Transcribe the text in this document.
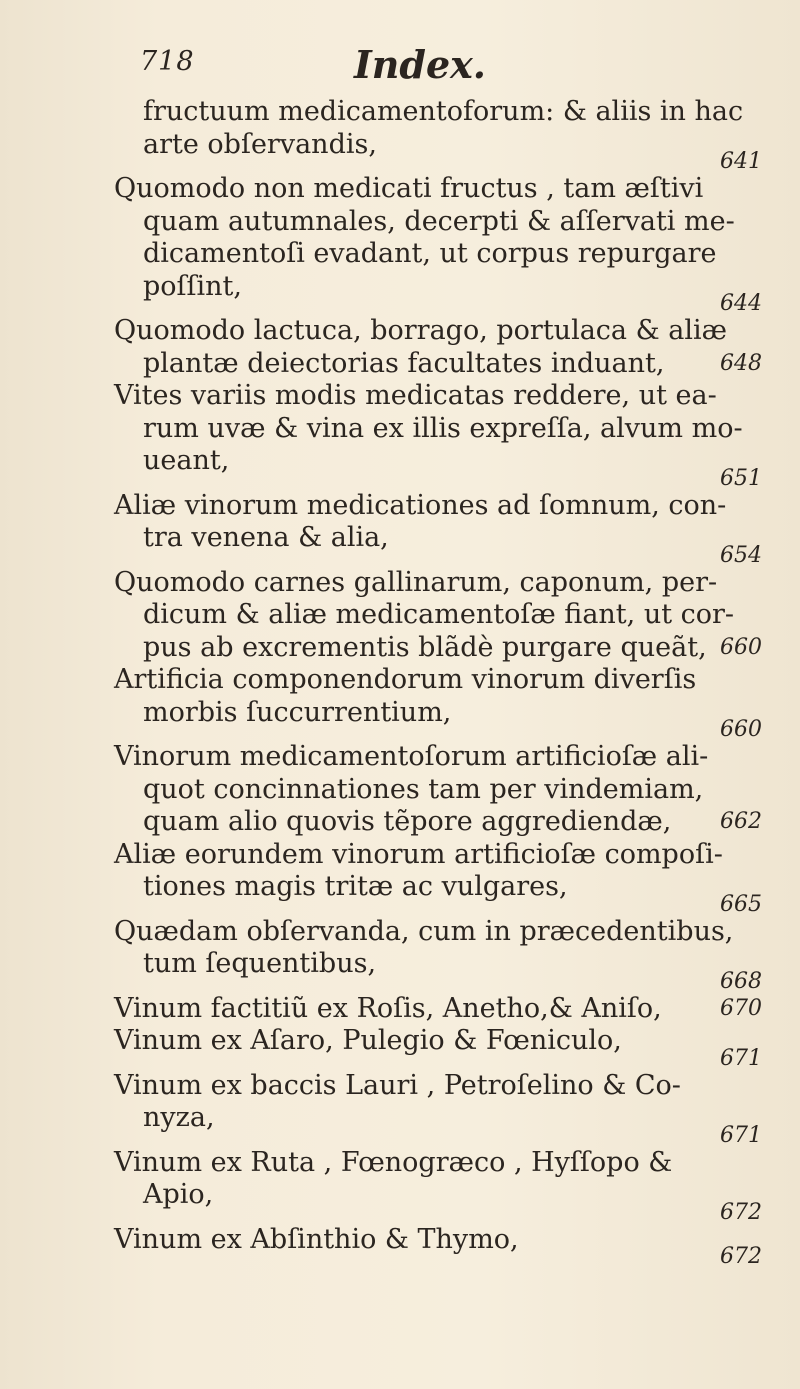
718	Index.
fructuum medicamentoforum: & aliis in hac
arte obſervandis,
641
Quomodo non medicati fructus , tam æſtivi
quam autumnales, decerpti & aſſervati me-
dicamentoſi evadant, ut corpus repurgare
poſſint,
644
Quomodo lactuca, borrago, portulaca & aliæ
plantæ deiectorias facultates induant,	648
Vites variis modis medicatas reddere, ut ea-
rum uvæ & vina ex illis expreſſa, alvum mo-
ueant,
651
Aliæ vinorum medicationes ad ſomnum, con-
tra venena & alia,
654
Quomodo carnes gallinarum, caponum, per-
dicum & aliæ medicamentoſæ fiant, ut cor-
pus ab excrementis blãdè purgare queãt, 660
Artificia componendorum vinorum diverſis
morbis ſuccurrentium,
660
Vinorum medicamentoſorum artificioſæ ali-
quot concinnationes tam per vindemiam,
quam alio quovis tẽpore aggrediendæ, 662
Aliæ eorundem vinorum artificioſæ compoſi-
tiones magis tritæ ac vulgares,
665
Quædam obſervanda, cum in præcedentibus,
tum ſequentibus,
668
Vinum factitiũ ex Roſis, Anetho,& Aniſo,	670
Vinum ex Aſaro, Pulegio & Fœniculo,
671
Vinum ex baccis Lauri , Petroſelino & Co-
nyza,
671
Vinum ex Ruta , Fœnogræco , Hyſſopo &
Apio,
672
Vinum ex Abſinthio & Thymo,
672
